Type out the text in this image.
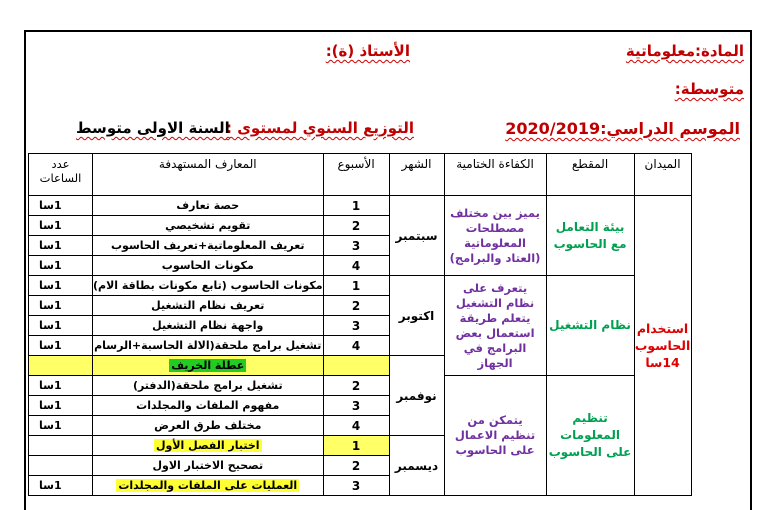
المادة:معلوماتية
الأستاذ (ة):
متوسطة:
الموسم الدراسي:2020/2019
التوزيع السنوي لمستوى :
السنة الاولى متوسط
الميدان	المقطع	الكفاءة الختامية	الشهر	الأسبوع	المعارف المستهدفة	عدد الساعات
استخدام الحاسوب 14سا	بيئة التعامل مع الحاسوب	يميز بين مختلف مصطلحات المعلوماتية (العتاد والبرامج)	سبتمبر	1	حصة تعارف	1سا
				2	تقويم تشخيصي	1سا
				3	تعريف المعلوماتية+تعريف الحاسوب	1سا
				4	مكونات الحاسوب	1سا
	نظام التشغيل	يتعرف على نظام التشغيل يتعلم طريقة استعمال بعض البرامج في الجهاز	اكتوبر	1	مكونات الحاسوب (تابع مكونات بطاقة الام)	1سا
				2	تعريف نظام التشغيل	1سا
				3	واجهة نظام التشغيل	1سا
				4	تشغيل برامج ملحقة(الالة الحاسبة+الرسام	1سا
			نوفمبر		عطلة الخريف	
	تنظيم المعلومات على الحاسوب	يتمكن من تنظيم الاعمال على الحاسوب		2	تشغيل برامج ملحقة(الدفتر)	1سا
				3	مفهوم الملفات والمجلدات	1سا
				4	مختلف طرق العرض	1سا
			ديسمبر	1	اختبار الفصل الأول	
				2	تصحيح الاختبار الاول	
				3	العمليات على الملفات والمجلدات	1سا
